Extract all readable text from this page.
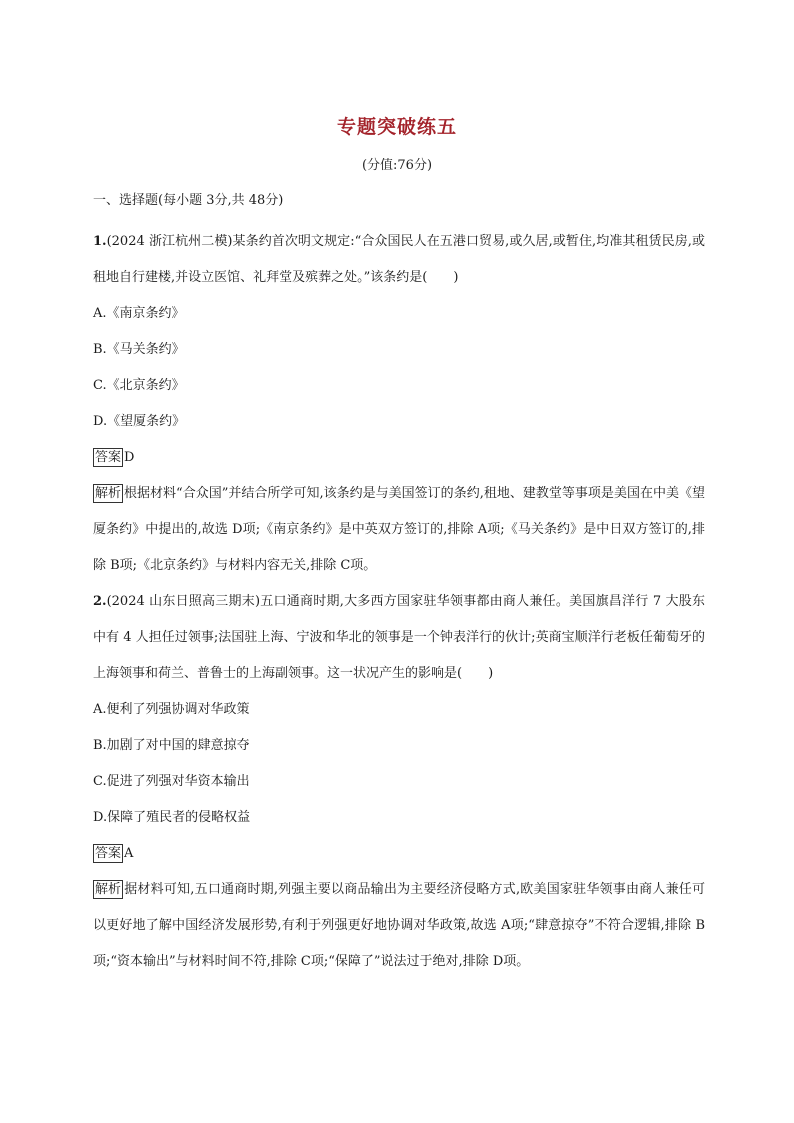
专题突破练五
(分值:76分)
一、选择题(每小题 3分,共 48分)

1.(2024 浙江杭州二模)某条约首次明文规定:“合众国民人在五港口贸易,或久居,或暂住,均准其租赁民房,或租地自行建楼,并设立医馆、礼拜堂及殡葬之处。”该条约是(　　)

A.《南京条约》

B.《马关条约》

C.《北京条约》

D.《望厦条约》

答案 D

解析 根据材料“合众国”并结合所学可知,该条约是与美国签订的条约,租地、建教堂等事项是美国在中美《望厦条约》中提出的,故选 D项;《南京条约》是中英双方签订的,排除 A项;《马关条约》是中日双方签订的,排除 B项;《北京条约》与材料内容无关,排除 C项。

2.(2024 山东日照高三期末)五口通商时期,大多西方国家驻华领事都由商人兼任。美国旗昌洋行 7 大股东中有 4 人担任过领事;法国驻上海、宁波和华北的领事是一个钟表洋行的伙计;英商宝顺洋行老板任葡萄牙的上海领事和荷兰、普鲁士的上海副领事。这一状况产生的影响是(　　)

A.便利了列强协调对华政策

B.加剧了对中国的肆意掠夺

C.促进了列强对华资本输出

D.保障了殖民者的侵略权益

答案 A

解析 据材料可知,五口通商时期,列强主要以商品输出为主要经济侵略方式,欧美国家驻华领事由商人兼任可以更好地了解中国经济发展形势,有利于列强更好地协调对华政策,故选 A项;“肆意掠夺”不符合逻辑,排除 B项;“资本输出”与材料时间不符,排除 C项;“保障了”说法过于绝对,排除 D项。
